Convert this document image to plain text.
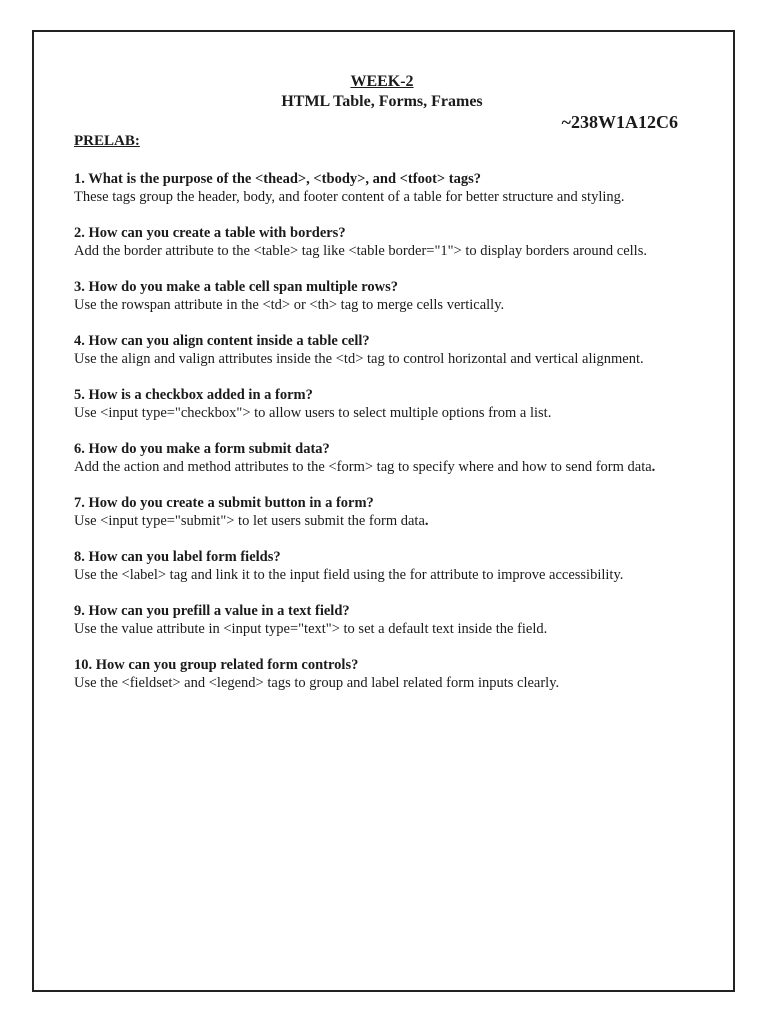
WEEK-2
HTML Table, Forms, Frames
~238W1A12C6
PRELAB:
1. What is the purpose of the <thead>, <tbody>, and <tfoot> tags?
These tags group the header, body, and footer content of a table for better structure and styling.
2. How can you create a table with borders?
Add the border attribute to the <table> tag like <table border="1"> to display borders around cells.
3. How do you make a table cell span multiple rows?
Use the rowspan attribute in the <td> or <th> tag to merge cells vertically.
4. How can you align content inside a table cell?
Use the align and valign attributes inside the <td> tag to control horizontal and vertical alignment.
5. How is a checkbox added in a form?
Use <input type="checkbox"> to allow users to select multiple options from a list.
6. How do you make a form submit data?
Add the action and method attributes to the <form> tag to specify where and how to send form data.
7. How do you create a submit button in a form?
Use <input type="submit"> to let users submit the form data.
8. How can you label form fields?
Use the <label> tag and link it to the input field using the for attribute to improve accessibility.
9. How can you prefill a value in a text field?
Use the value attribute in <input type="text"> to set a default text inside the field.
10. How can you group related form controls?
Use the <fieldset> and <legend> tags to group and label related form inputs clearly.
